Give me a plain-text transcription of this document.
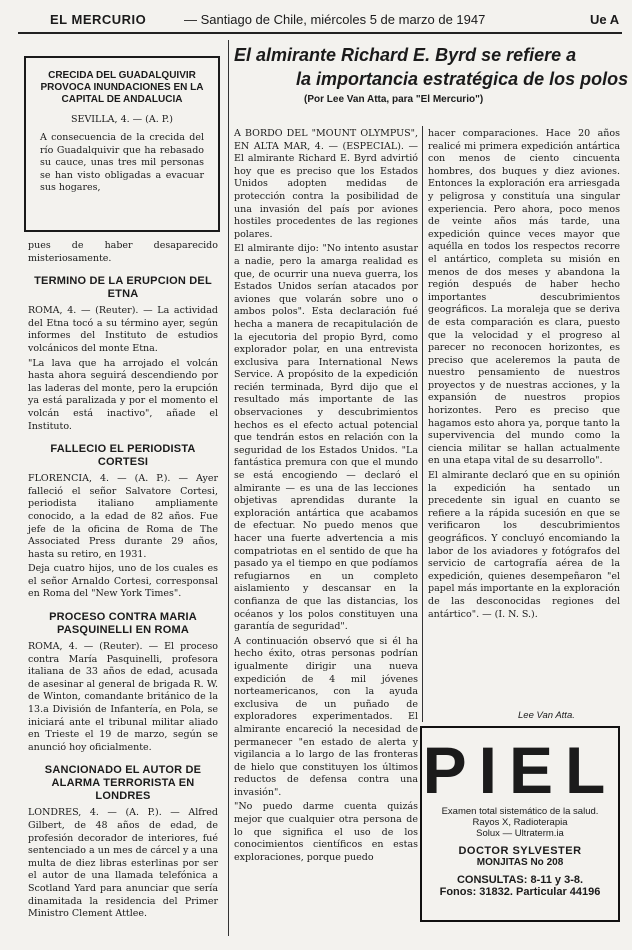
EL MERCURIO	— Santiago de Chile, miércoles 5 de marzo de 1947	Ue A
CRECIDA DEL GUADALQUIVIR PROVOCA INUNDACIONES EN LA CAPITAL DE ANDALUCIA
SEVILLA, 4. — (A. P.)
A consecuencia de la crecida del río Guadalquivir que ha rebasado su cauce, unas tres mil personas se han visto obligadas a evacuar sus hogares,

pues de haber desaparecido misteriosamente.

TERMINO DE LA ERUPCION DEL ETNA

ROMA, 4. — (Reuter). — La actividad del Etna tocó a su término ayer, según informes del Instituto de estudios volcánicos del monte Etna.

"La lava que ha arrojado el volcán hasta ahora seguirá descendiendo por las laderas del monte, pero la erupción ya está paralizada y por el momento el volcán está inactivo", añade el Instituto.

FALLECIO EL PERIODISTA CORTESI

FLORENCIA, 4. — (A. P.). — Ayer falleció el señor Salvatore Cortesi, periodista italiano ampliamente conocido, a la edad de 82 años. Fue jefe de la oficina de Roma de The Associated Press durante 29 años, hasta su retiro, en 1931.

Deja cuatro hijos, uno de los cuales es el señor Arnaldo Cortesi, corresponsal en Roma del "New York Times".

PROCESO CONTRA MARIA PASQUINELLI EN ROMA

ROMA, 4. — (Reuter). — El proceso contra María Pasquinelli, profesora italiana de 33 años de edad, acusada de asesinar al general de brigada R. W. de Winton, comandante británico de la 13.a División de Infantería, en Pola, se iniciará ante el tribunal militar aliado en Trieste el 19 de marzo, según se anunció hoy oficialmente.

SANCIONADO EL AUTOR DE ALARMA TERRORISTA EN LONDRES

LONDRES, 4. — (A. P.). — Alfred Gilbert, de 48 años de edad, de profesión decorador de interiores, fué sentenciado a un mes de cárcel y a una multa de diez libras esterlinas por ser el autor de una llamada telefónica a Scotland Yard para anunciar que sería dinamitada la residencia del Primer Ministro Clement Attlee.

El almirante Richard E. Byrd se refiere a
la importancia estratégica de los polos
(Por Lee Van Atta, para "El Mercurio")

A BORDO DEL "MOUNT OLYMPUS", EN ALTA MAR, 4. — (ESPECIAL). — El almirante Richard E. Byrd advirtió hoy que es preciso que los Estados Unidos adopten medidas de protección contra la posibilidad de una invasión del país por aviones hostiles procedentes de las regiones polares.

El almirante dijo: "No intento asustar a nadie, pero la amarga realidad es que, de ocurrir una nueva guerra, los Estados Unidos serían atacados por aviones que volarán sobre uno o ambos polos". Esta declaración fué hecha a manera de recapitulación de la ejecutoria del propio Byrd, como explorador polar, en una entrevista exclusiva para International News Service. A propósito de la expedición recién terminada, Byrd dijo que el resultado más importante de las observaciones y descubrimientos hechos es el efecto actual potencial que tendrán estos en relación con la seguridad de los Estados Unidos. "La fantástica premura con que el mundo se está encogiendo — declaró el almirante — es una de las lecciones objetivas aprendidas durante la exploración antártica que acabamos de efectuar. No puedo menos que hacer una fuerte advertencia a mis compatriotas en el sentido de que ha pasado ya el tiempo en que podíamos refugiarnos en un completo aislamiento y descansar en la confianza de que las distancias, los océanos y los polos constituyen una garantía de seguridad".

A continuación observó que si él ha hecho éxito, otras personas podrían igualmente dirigir una nueva expedición de 4 mil jóvenes norteamericanos, con la ayuda exclusiva de un puñado de exploradores experimentados. El almirante encareció la necesidad de permanecer "en estado de alerta y vigilancia a lo largo de las fronteras de hielo que constituyen los últimos reductos de defensa contra una invasión".

"No puedo darme cuenta quizás mejor que cualquier otra persona de lo que significa el uso de los conocimientos científicos en estas exploraciones, porque puedo

hacer comparaciones. Hace 20 años realicé mi primera expedición antártica con menos de ciento cincuenta hombres, dos buques y diez aviones. Entonces la exploración era arriesgada y peligrosa y constituía una singular experiencia. Pero ahora, poco menos de veinte años más tarde, una expedición quince veces mayor que aquélla en todos los respectos recorre el antártico, completa su misión en menos de dos meses y abandona la región después de haber hecho importantes descubrimientos geográficos. La moraleja que se deriva de esta comparación es clara, puesto que la velocidad y el progreso al parecer no reconocen horizontes, es preciso que aceleremos la pauta de nuestro pensamiento de nuestros proyectos y de nuestras acciones, y la expansión de nuestros propios horizontes. Pero es preciso que hagamos esto ahora ya, porque tanto la supervivencia del mundo como la ciencia militar se hallan actualmente en una etapa vital de su desarrollo".

El almirante declaró que en su opinión la expedición ha sentado un precedente sin igual en cuanto se refiere a la rápida sucesión en que se verificaron los descubrimientos geográficos. Y concluyó encomiando la labor de los aviadores y fotógrafos del servicio de cartografía aérea de la expedición, quienes desempeñaron "el papel más importante en la exploración de las desconocidas regiones del antártico". — (I. N. S.).

Lee Van Atta.
PIEL
Examen total sistemático de la salud.
Rayos X, Radioterapia
Solux — Ultraterm.ia
DOCTOR SYLVESTER
MONJITAS No 208
CONSULTAS: 8-11 y 3-8.
Fonos: 31832. Particular 44196
